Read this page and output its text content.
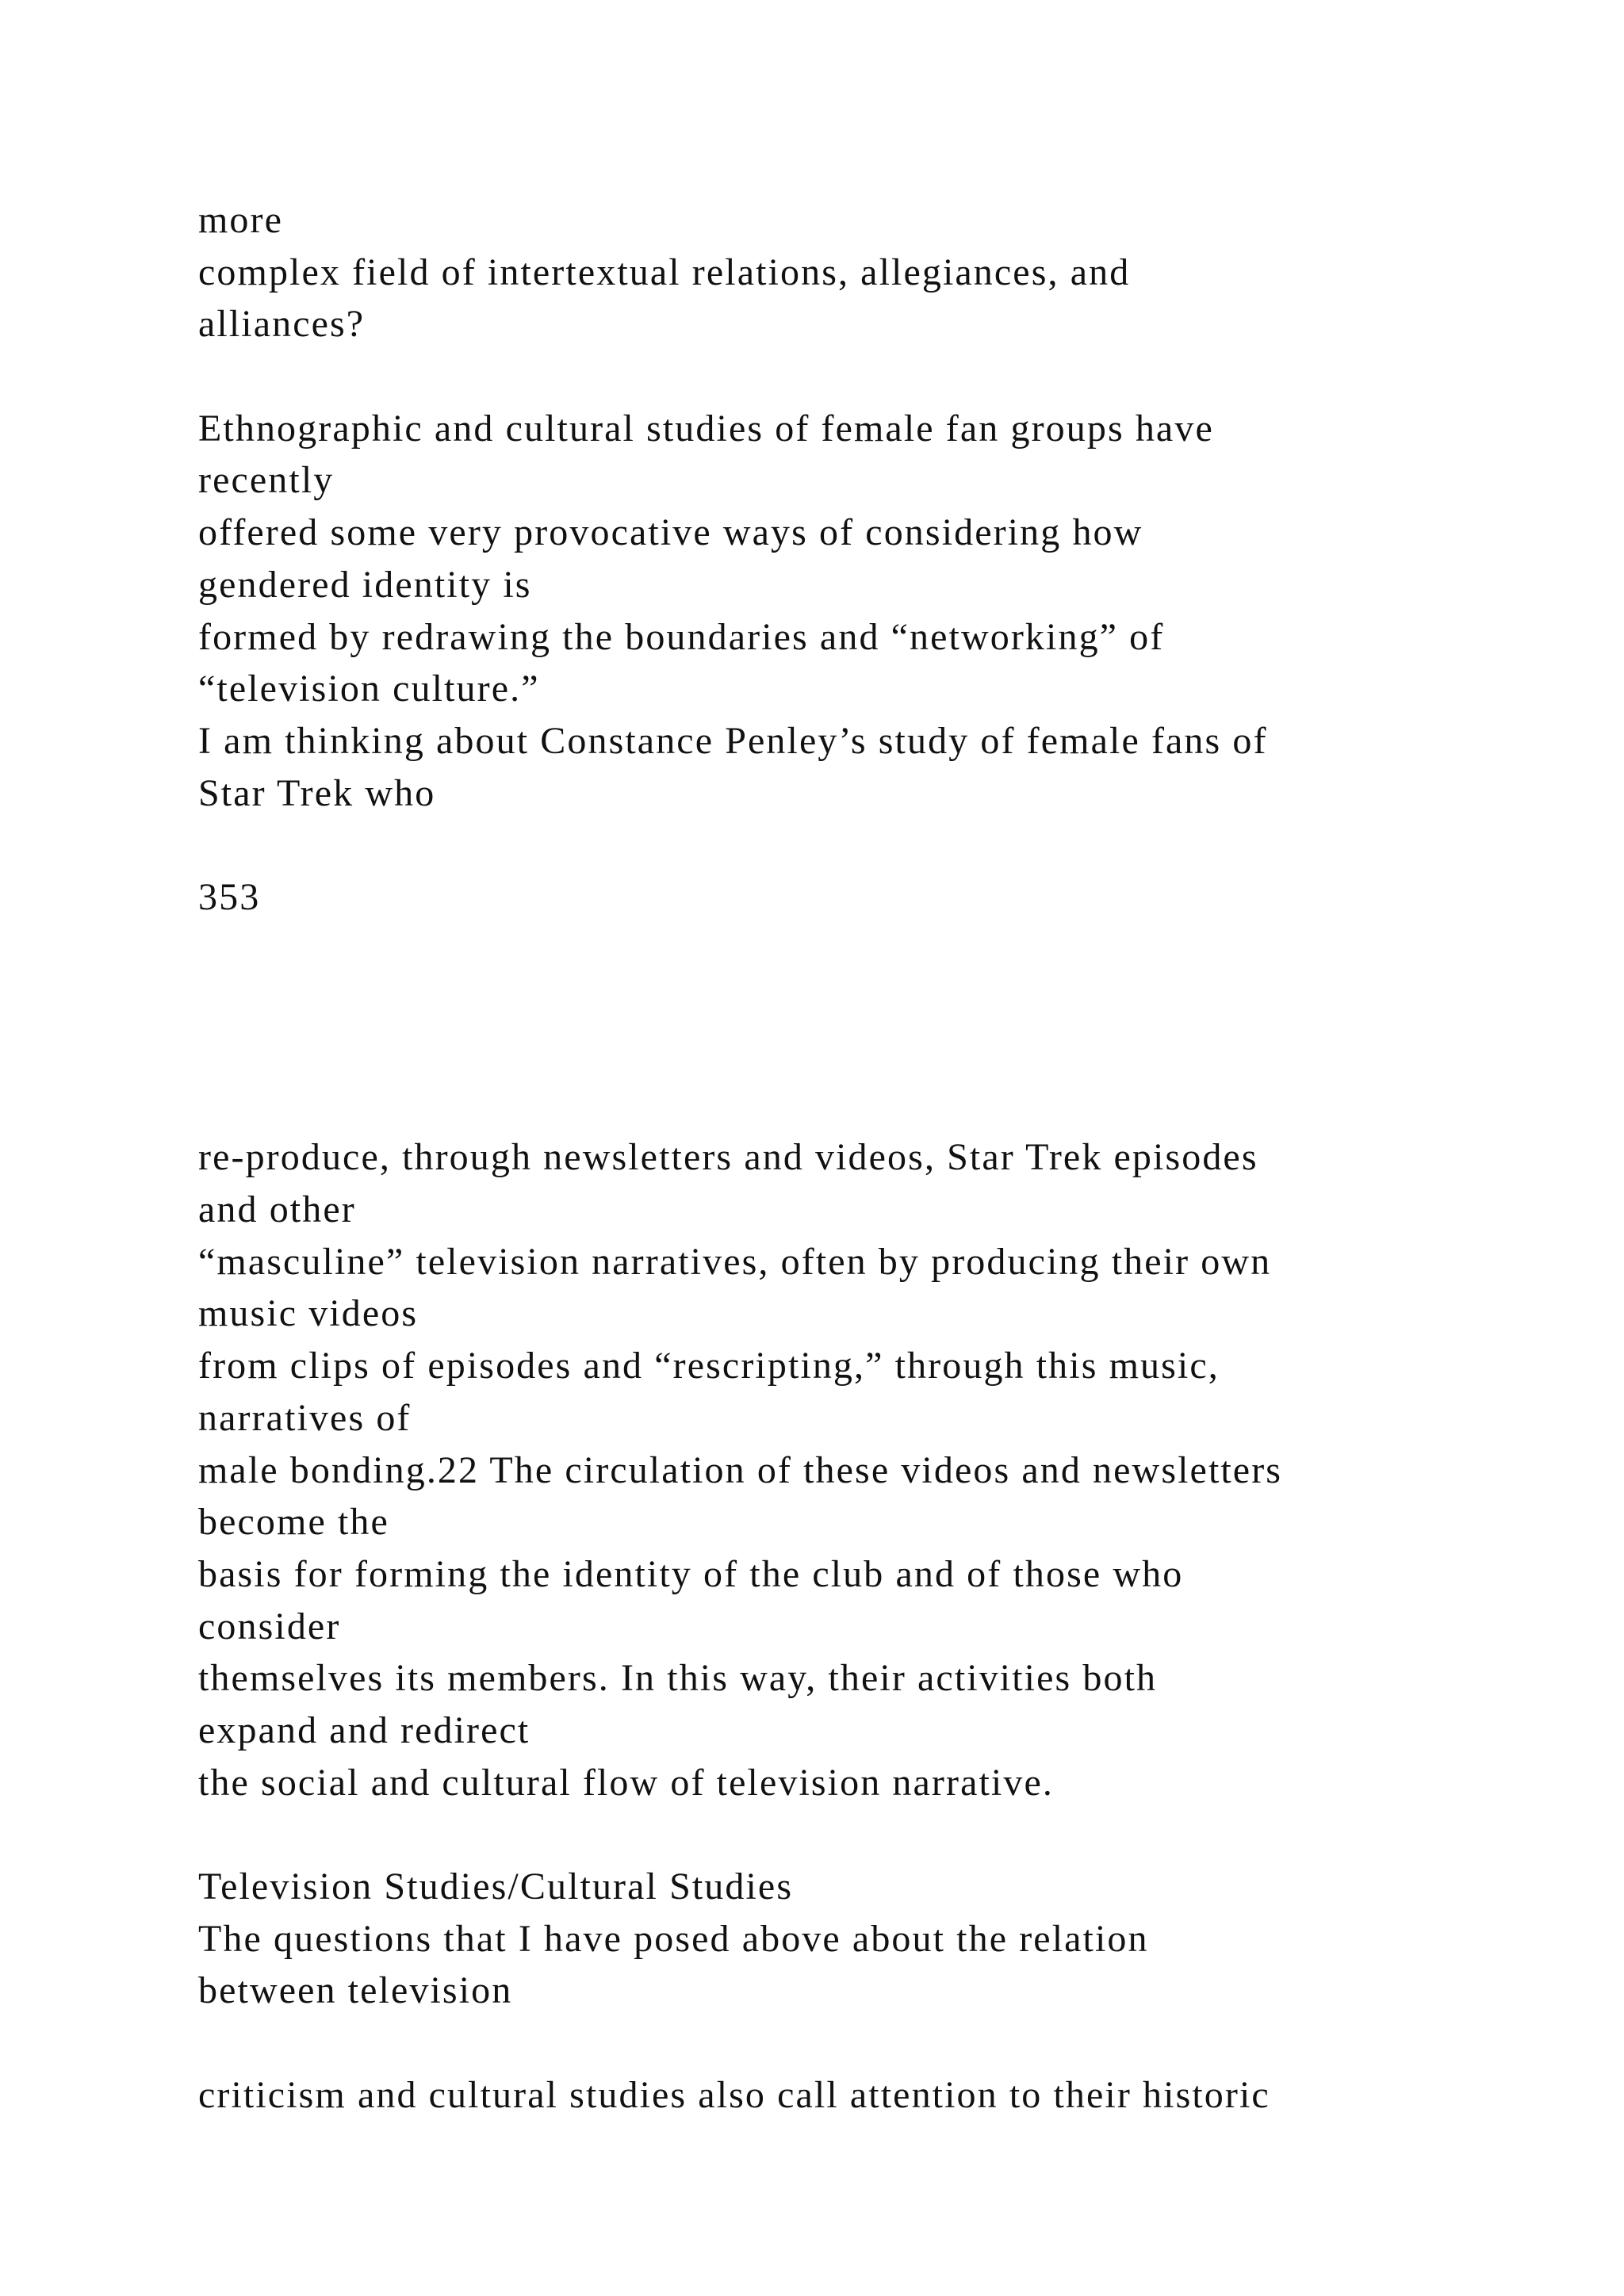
more
complex field of intertextual relations, allegiances, and
alliances?
Ethnographic and cultural studies of female fan groups have
recently
offered some very provocative ways of considering how
gendered identity is
formed by redrawing the boundaries and “networking” of
“television culture.”
I am thinking about Constance Penley’s study of female fans of
Star Trek who
353
re-produce, through newsletters and videos, Star Trek episodes
and other
“masculine” television narratives, often by producing their own
music videos
from clips of episodes and “rescripting,” through this music,
narratives of
male bonding.22 The circulation of these videos and newsletters
become the
basis for forming the identity of the club and of those who
consider
themselves its members. In this way, their activities both
expand and redirect
the social and cultural flow of television narrative.
Television Studies/Cultural Studies
The questions that I have posed above about the relation
between television
criticism and cultural studies also call attention to their historic
